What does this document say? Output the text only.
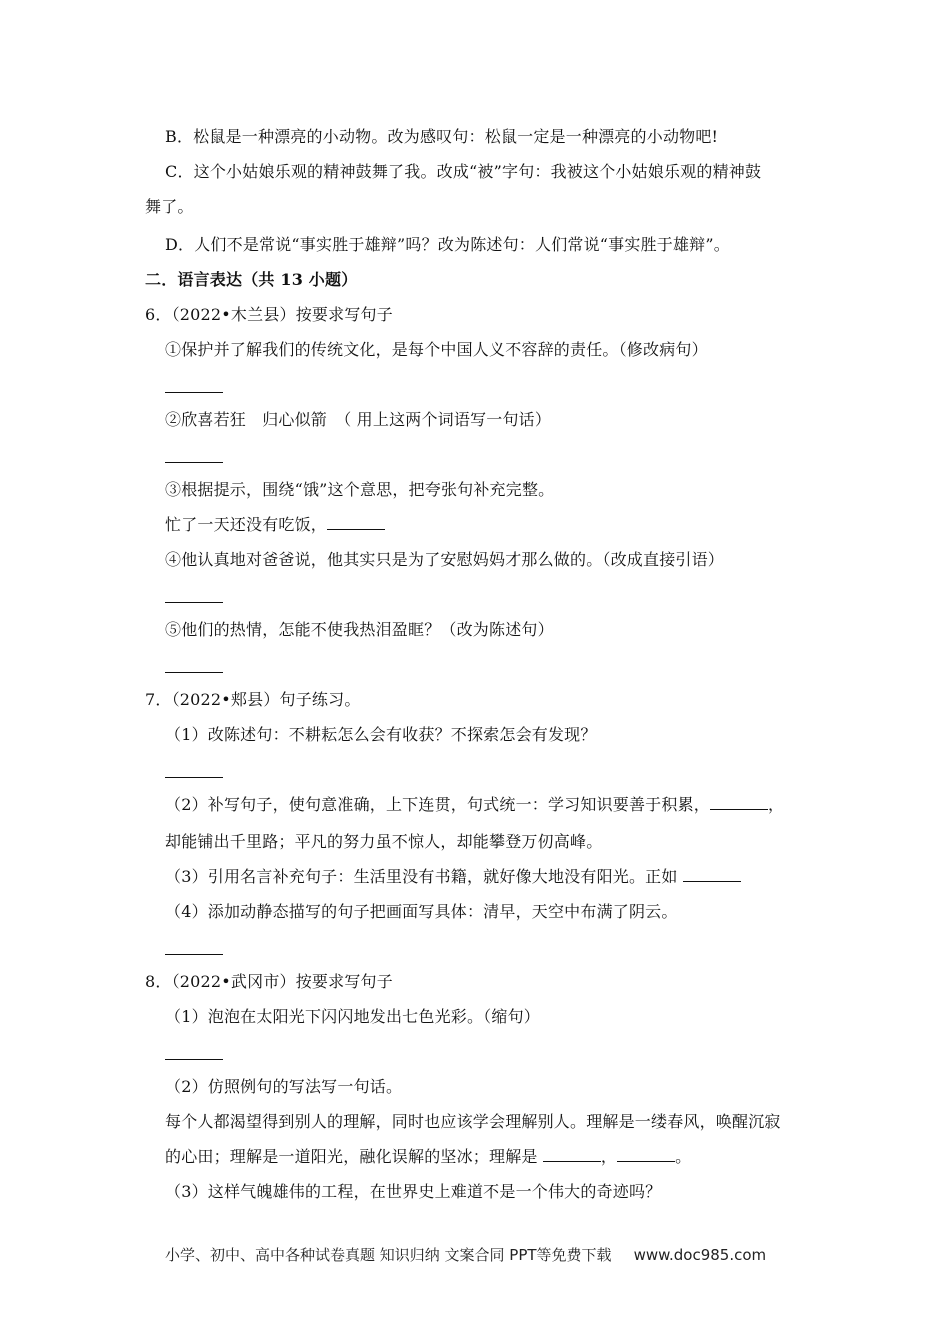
B．松鼠是一种漂亮的小动物。改为感叹句：松鼠一定是一种漂亮的小动物吧!
C．这个小姑娘乐观的精神鼓舞了我。改成“被”字句：我被这个小姑娘乐观的精神鼓
舞了。
D．人们不是常说“事实胜于雄辩”吗？改为陈述句：人们常说“事实胜于雄辩”。
二．语言表达（共 13 小题）
6．（2022•木兰县）按要求写句子
①保护并了解我们的传统文化，是每个中国人义不容辞的责任。（修改病句）
②欣喜若狂　归心似箭　（ 用上这两个词语写一句话）
③根据提示，围绕“饿”这个意思，把夸张句补充完整。
忙了一天还没有吃饭，
④他认真地对爸爸说，他其实只是为了安慰妈妈才那么做的。（改成直接引语）
⑤他们的热情，怎能不使我热泪盈眶？（改为陈述句）
7．（2022•郏县）句子练习。
（1）改陈述句：不耕耘怎么会有收获？不探索怎会有发现？
（2）补写句子，使句意准确，上下连贯，句式统一：学习知识要善于积累，	，
却能铺出千里路；平凡的努力虽不惊人，却能攀登万仞高峰。
（3）引用名言补充句子：生活里没有书籍，就好像大地没有阳光。正如
（4）添加动静态描写的句子把画面写具体：清早，天空中布满了阴云。
8．（2022•武冈市）按要求写句子
（1）泡泡在太阳光下闪闪地发出七色光彩。（缩句）
（2）仿照例句的写法写一句话。
每个人都渴望得到别人的理解，同时也应该学会理解别人。理解是一缕春风，唤醒沉寂
的心田；理解是一道阳光，融化误解的坚冰；理解是	，	。
（3）这样气魄雄伟的工程，在世界史上难道不是一个伟大的奇迹吗？
小学、初中、高中各种试卷真题 知识归纳 文案合同 PPT等免费下载 www.doc985.com
